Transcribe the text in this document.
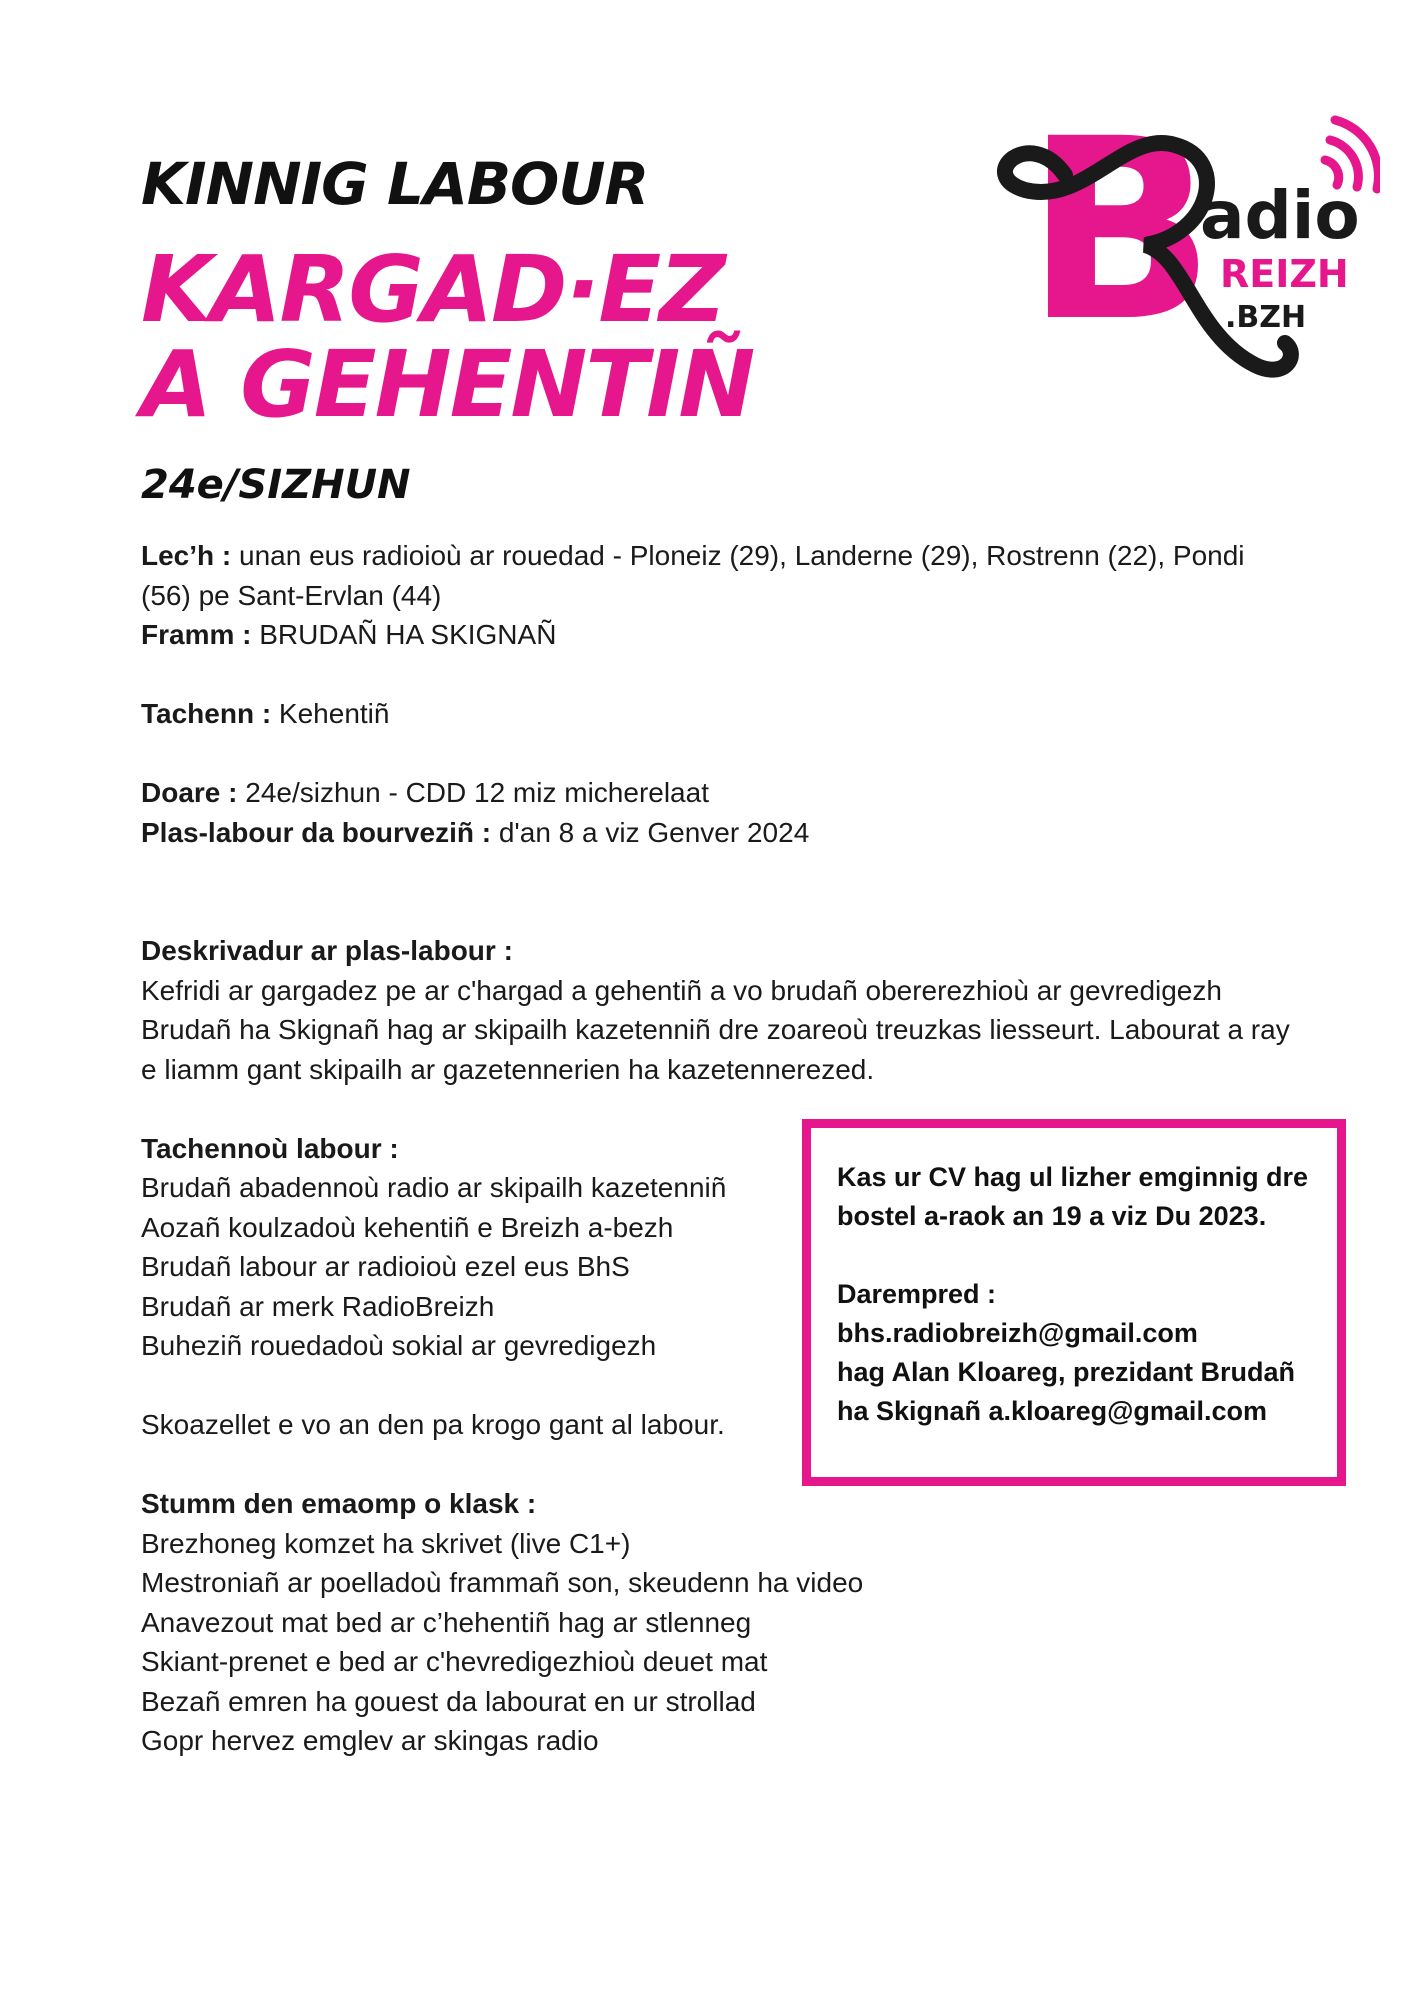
KINNIG LABOUR
KARGAD·EZ
A GEHENTIÑ
24e/SIZHUN
B
adio
REIZH
.BZH

Lec’h : unan eus radioioù ar rouedad - Ploneiz (29), Landerne (29), Rostrenn (22), Pondi (56) pe Sant-Ervlan (44)

Framm : BRUDAÑ HA SKIGNAÑ

Tachenn : Kehentiñ

Doare : 24e/sizhun - CDD 12 miz micherelaat

Plas-labour da bourveziñ : d'an 8 a viz Genver 2024

Deskrivadur ar plas-labour :

Kefridi ar gargadez pe ar c'hargad a gehentiñ a vo brudañ obererezhioù ar gevredigezh Brudañ ha Skignañ hag ar skipailh kazetenniñ dre zoareoù treuzkas liesseurt. Labourat a ray e liamm gant skipailh ar gazetennerien ha kazetennerezed.

Tachennoù labour :

Brudañ abadennoù radio ar skipailh kazetenniñ

Aozañ koulzadoù kehentiñ e Breizh a-bezh

Brudañ labour ar radioioù ezel eus BhS

Brudañ ar merk RadioBreizh

Buheziñ rouedadoù sokial ar gevredigezh

Skoazellet e vo an den pa krogo gant al labour.

Stumm den emaomp o klask :

Brezhoneg komzet ha skrivet (live C1+)

Mestroniañ ar poelladoù frammañ son, skeudenn ha video

Anavezout mat bed ar c’hehentiñ hag ar stlenneg

Skiant-prenet e bed ar c'hevredigezhioù deuet mat

Bezañ emren ha gouest da labourat en ur strollad

Gopr hervez emglev ar skingas radio

Kas ur CV hag ul lizher emginnig dre bostel a-raok an 19 a viz Du 2023.

Darempred :

bhs.radiobreizh@gmail.com

hag Alan Kloareg, prezidant Brudañ ha Skignañ a.kloareg@gmail.com
